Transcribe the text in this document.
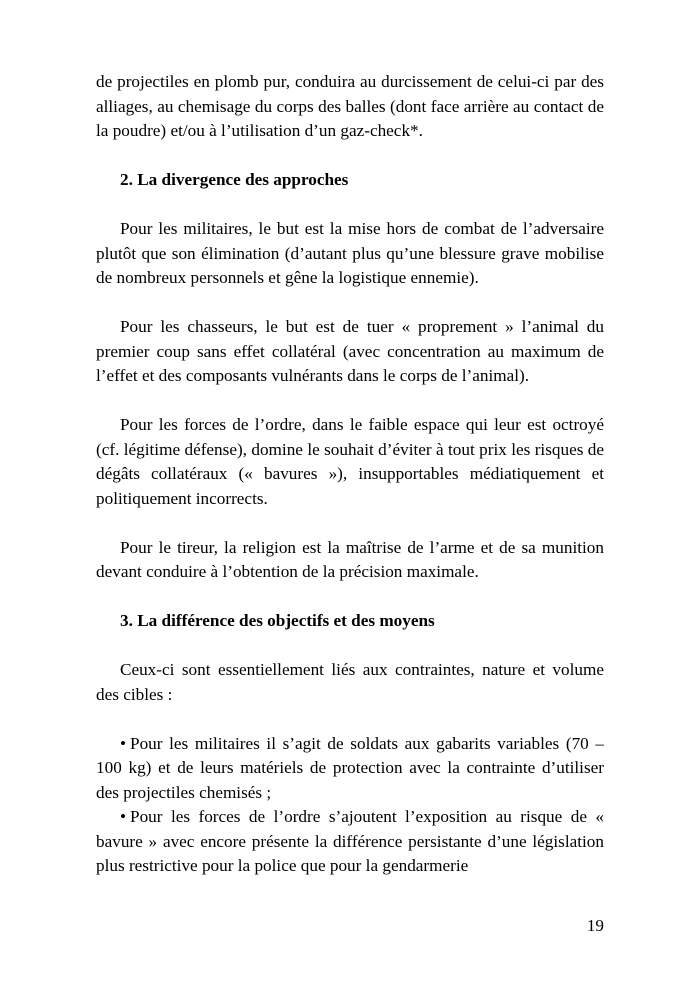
de projectiles en plomb pur, conduira au durcissement de celui-ci par des alliages, au chemisage du corps des balles (dont face arrière au contact de la poudre) et/ou à l’utilisation d’un gaz-check*.

2. La divergence des approches

Pour les militaires, le but est la mise hors de combat de l’adversaire plutôt que son élimination (d’autant plus qu’une blessure grave mobilise de nombreux personnels et gêne la logistique ennemie).

Pour les chasseurs, le but est de tuer « proprement » l’animal du premier coup sans effet collatéral (avec concentration au maximum de l’effet et des composants vulnérants dans le corps de l’animal).

Pour les forces de l’ordre, dans le faible espace qui leur est octroyé (cf. légitime défense), domine le souhait d’éviter à tout prix les risques de dégâts collatéraux (« bavures »), insupportables médiatiquement et politiquement incorrects.

Pour le tireur, la religion est la maîtrise de l’arme et de sa munition devant conduire à l’obtention de la précision maximale.

3. La différence des objectifs et des moyens

Ceux-ci sont essentiellement liés aux contraintes, nature et volume des cibles :

• Pour les militaires il s’agit de soldats aux gabarits variables (70 – 100 kg) et de leurs matériels de protection avec la contrainte d’utiliser des projectiles chemisés ;

• Pour les forces de l’ordre s’ajoutent l’exposition au risque de « bavure » avec encore présente la différence persistante d’une législation plus restrictive pour la police que pour la gendarmerie

19
